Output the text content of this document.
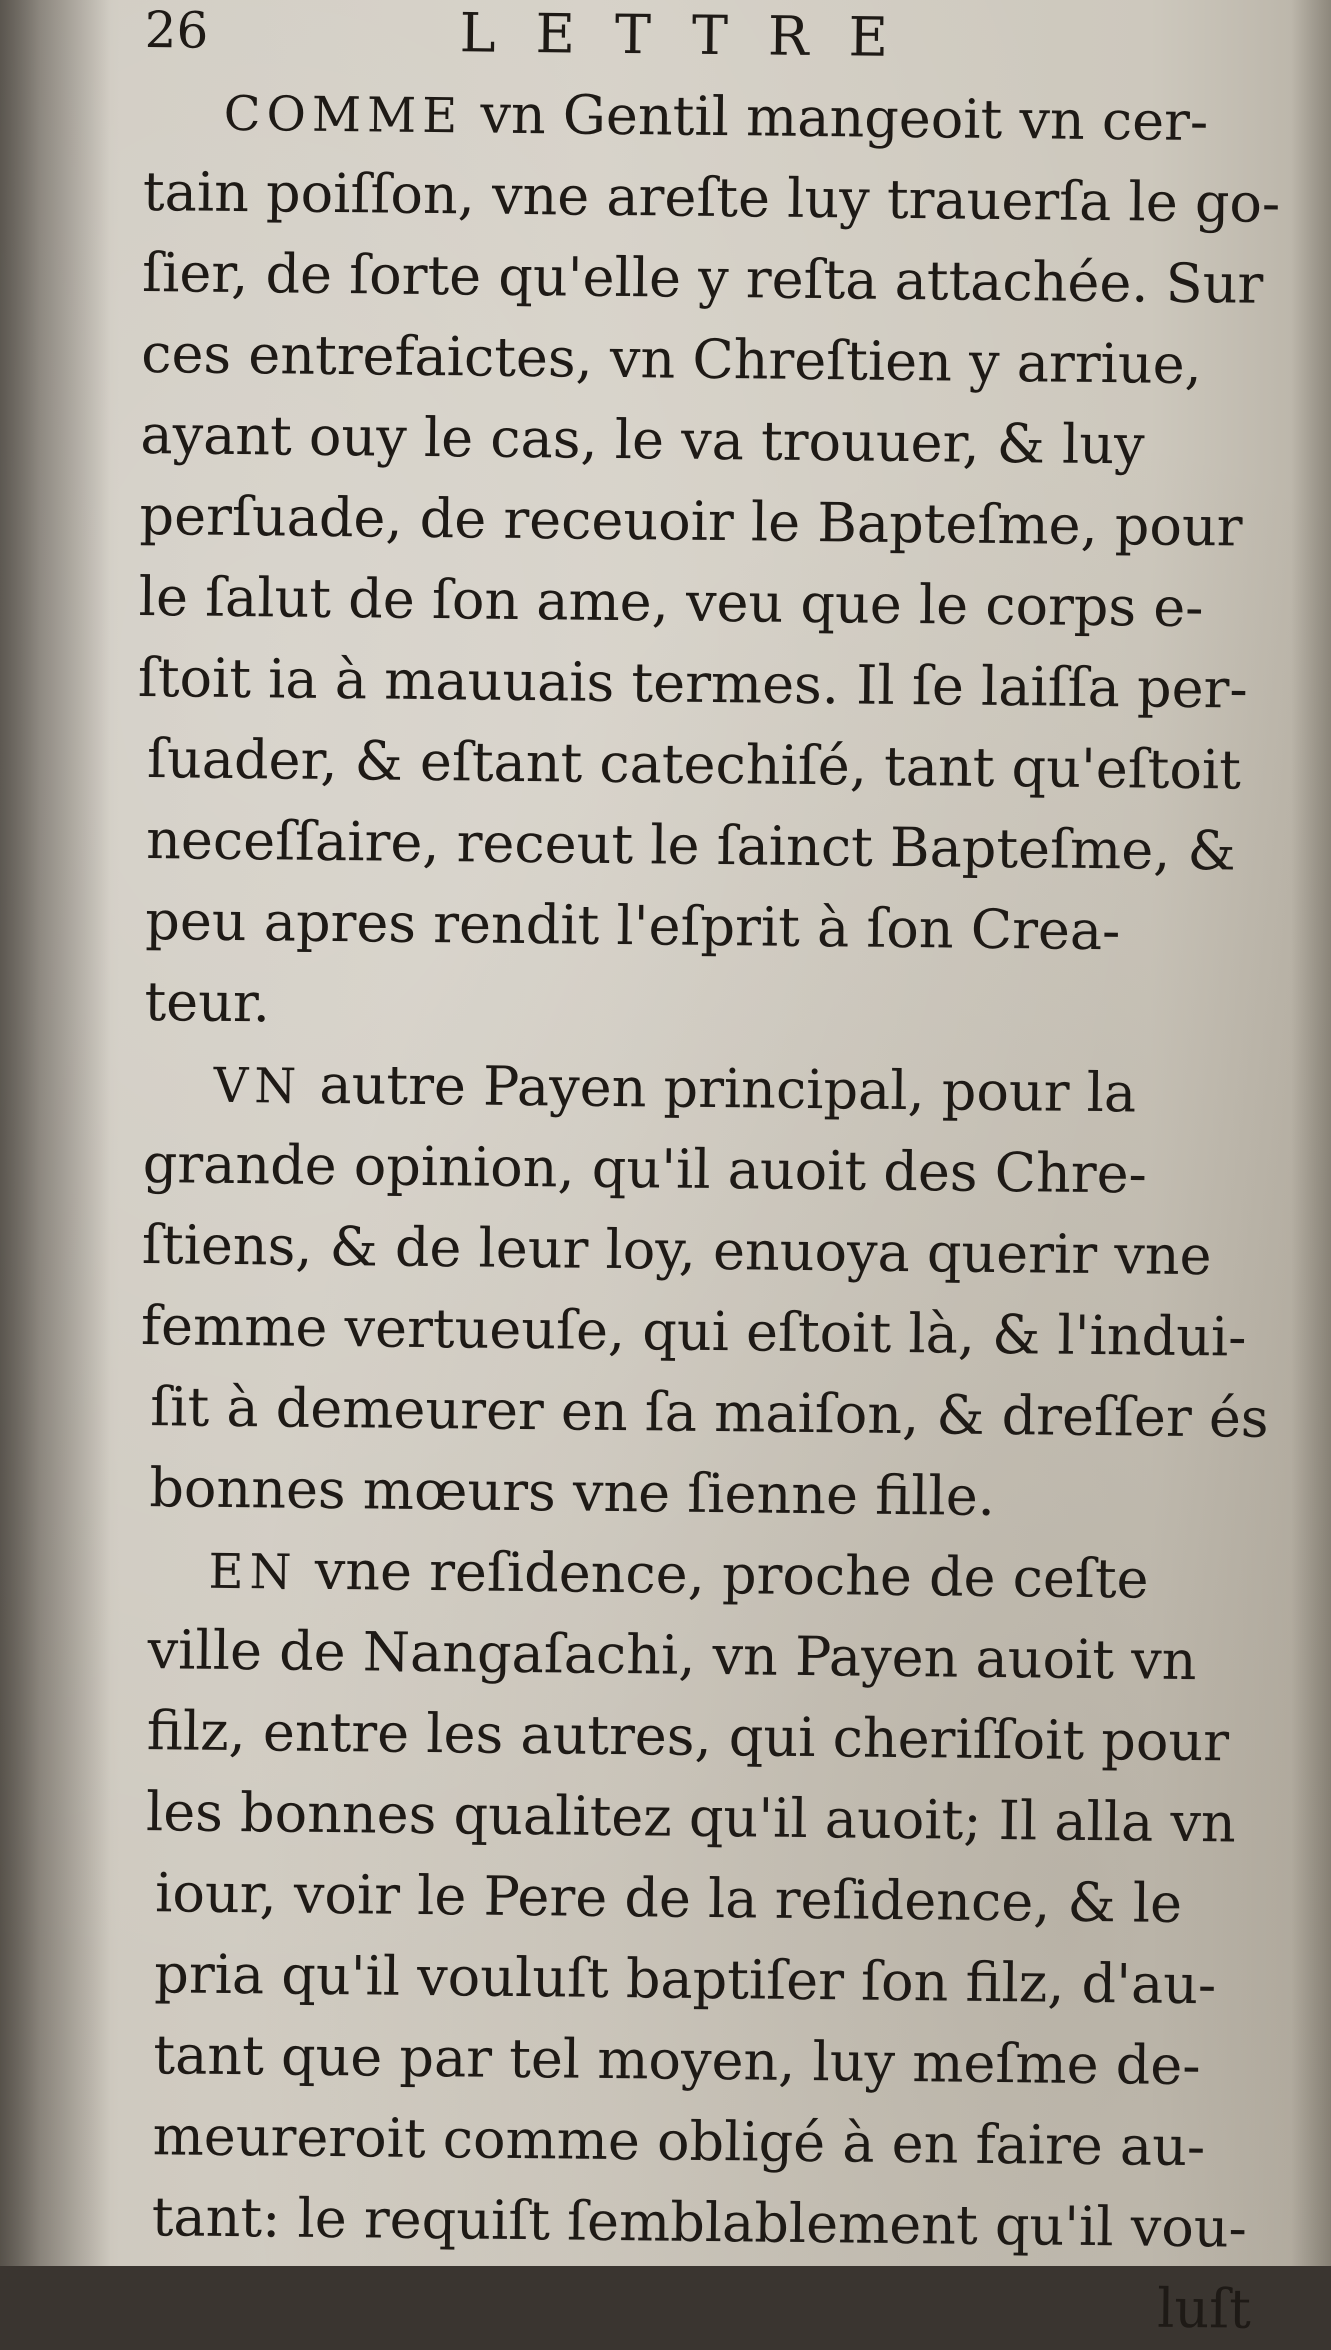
26	LETTRE
COMME vn Gentil mangeoit vn cer-
tain poiſſon, vne areſte luy trauerſa le go-
ſier, de ſorte qu'elle y reſta attachée. Sur
ces entrefaictes, vn Chreſtien y arriue,
ayant ouy le cas, le va trouuer, & luy
perſuade, de receuoir le Bapteſme, pour
le ſalut de ſon ame, veu que le corps e-
ſtoit ia à mauuais termes. Il ſe laiſſa per-
ſuader, & eſtant catechiſé, tant qu'eſtoit
neceſſaire, receut le ſainct Bapteſme, &
peu apres rendit l'eſprit à ſon Crea-
teur.
VN autre Payen principal, pour la
grande opinion, qu'il auoit des Chre-
ſtiens, & de leur loy, enuoya querir vne
femme vertueuſe, qui eſtoit là, & l'indui-
ſit à demeurer en ſa maiſon, & dreſſer és
bonnes mœurs vne ſienne fille.
EN vne reſidence, proche de ceſte
ville de Nangaſachi, vn Payen auoit vn
filz, entre les autres, qui cheriſſoit pour
les bonnes qualitez qu'il auoit; Il alla vn
iour, voir le Pere de la reſidence, & le
pria qu'il vouluſt baptiſer ſon filz, d'au-
tant que par tel moyen, luy meſme de-
meureroit comme obligé à en faire au-
tant: le requiſt ſemblablement qu'il vou-
luſt
